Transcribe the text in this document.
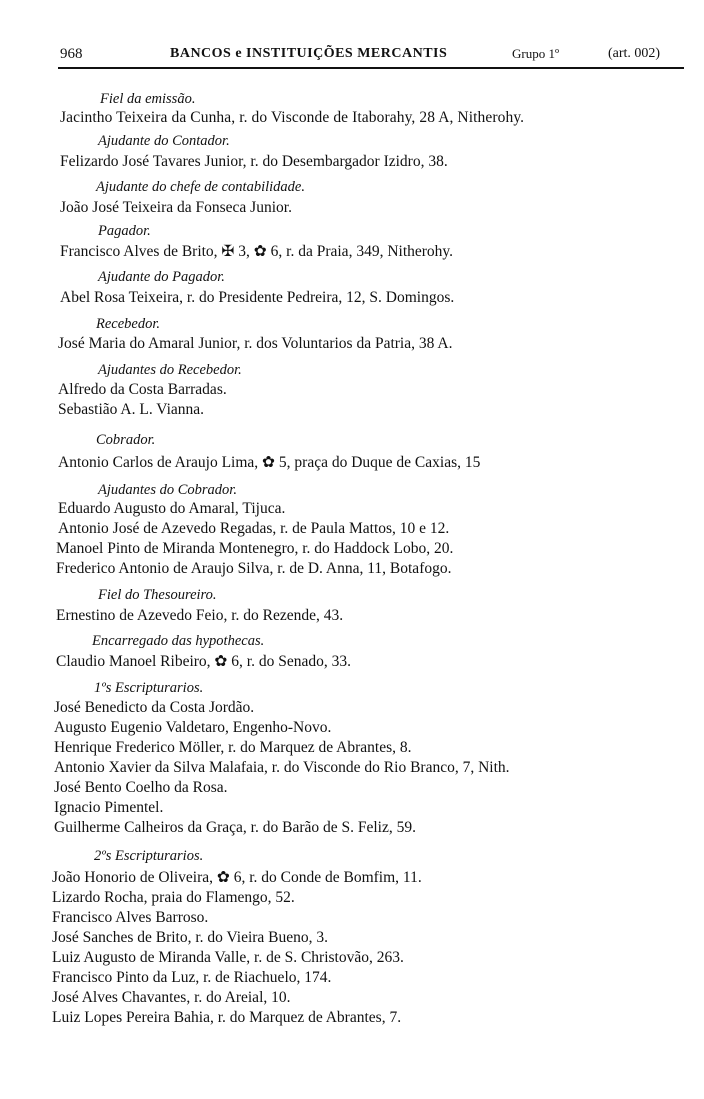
968	BANCOS e INSTITUIÇÕES MERCANTIS	Grupo 1º	(art. 002)
Fiel da emissão.
Jacintho Teixeira da Cunha, r. do Visconde de Itaborahy, 28 A, Nitherohy.
Ajudante do Contador.
Felizardo José Tavares Junior, r. do Desembargador Izidro, 38.
Ajudante do chefe de contabilidade.
João José Teixeira da Fonseca Junior.
Pagador.
Francisco Alves de Brito, ✠ 3, ✿ 6, r. da Praia, 349, Nitherohy.
Ajudante do Pagador.
Abel Rosa Teixeira, r. do Presidente Pedreira, 12, S. Domingos.
Recebedor.
José Maria do Amaral Junior, r. dos Voluntarios da Patria, 38 A.
Ajudantes do Recebedor.
Alfredo da Costa Barradas.
Sebastião A. L. Vianna.
Cobrador.
Antonio Carlos de Araujo Lima, ✿ 5, praça do Duque de Caxias, 15
Ajudantes do Cobrador.
Eduardo Augusto do Amaral, Tijuca.
Antonio José de Azevedo Regadas, r. de Paula Mattos, 10 e 12.
Manoel Pinto de Miranda Montenegro, r. do Haddock Lobo, 20.
Frederico Antonio de Araujo Silva, r. de D. Anna, 11, Botafogo.
Fiel do Thesoureiro.
Ernestino de Azevedo Feio, r. do Rezende, 43.
Encarregado das hypothecas.
Claudio Manoel Ribeiro, ✿ 6, r. do Senado, 33.
1ºs Escripturarios.
José Benedicto da Costa Jordão.
Augusto Eugenio Valdetaro, Engenho-Novo.
Henrique Frederico Möller, r. do Marquez de Abrantes, 8.
Antonio Xavier da Silva Malafaia, r. do Visconde do Rio Branco, 7, Nith.
José Bento Coelho da Rosa.
Ignacio Pimentel.
Guilherme Calheiros da Graça, r. do Barão de S. Feliz, 59.
2ºs Escripturarios.
João Honorio de Oliveira, ✿ 6, r. do Conde de Bomfim, 11.
Lizardo Rocha, praia do Flamengo, 52.
Francisco Alves Barroso.
José Sanches de Brito, r. do Vieira Bueno, 3.
Luiz Augusto de Miranda Valle, r. de S. Christovão, 263.
Francisco Pinto da Luz, r. de Riachuelo, 174.
José Alves Chavantes, r. do Areial, 10.
Luiz Lopes Pereira Bahia, r. do Marquez de Abrantes, 7.
